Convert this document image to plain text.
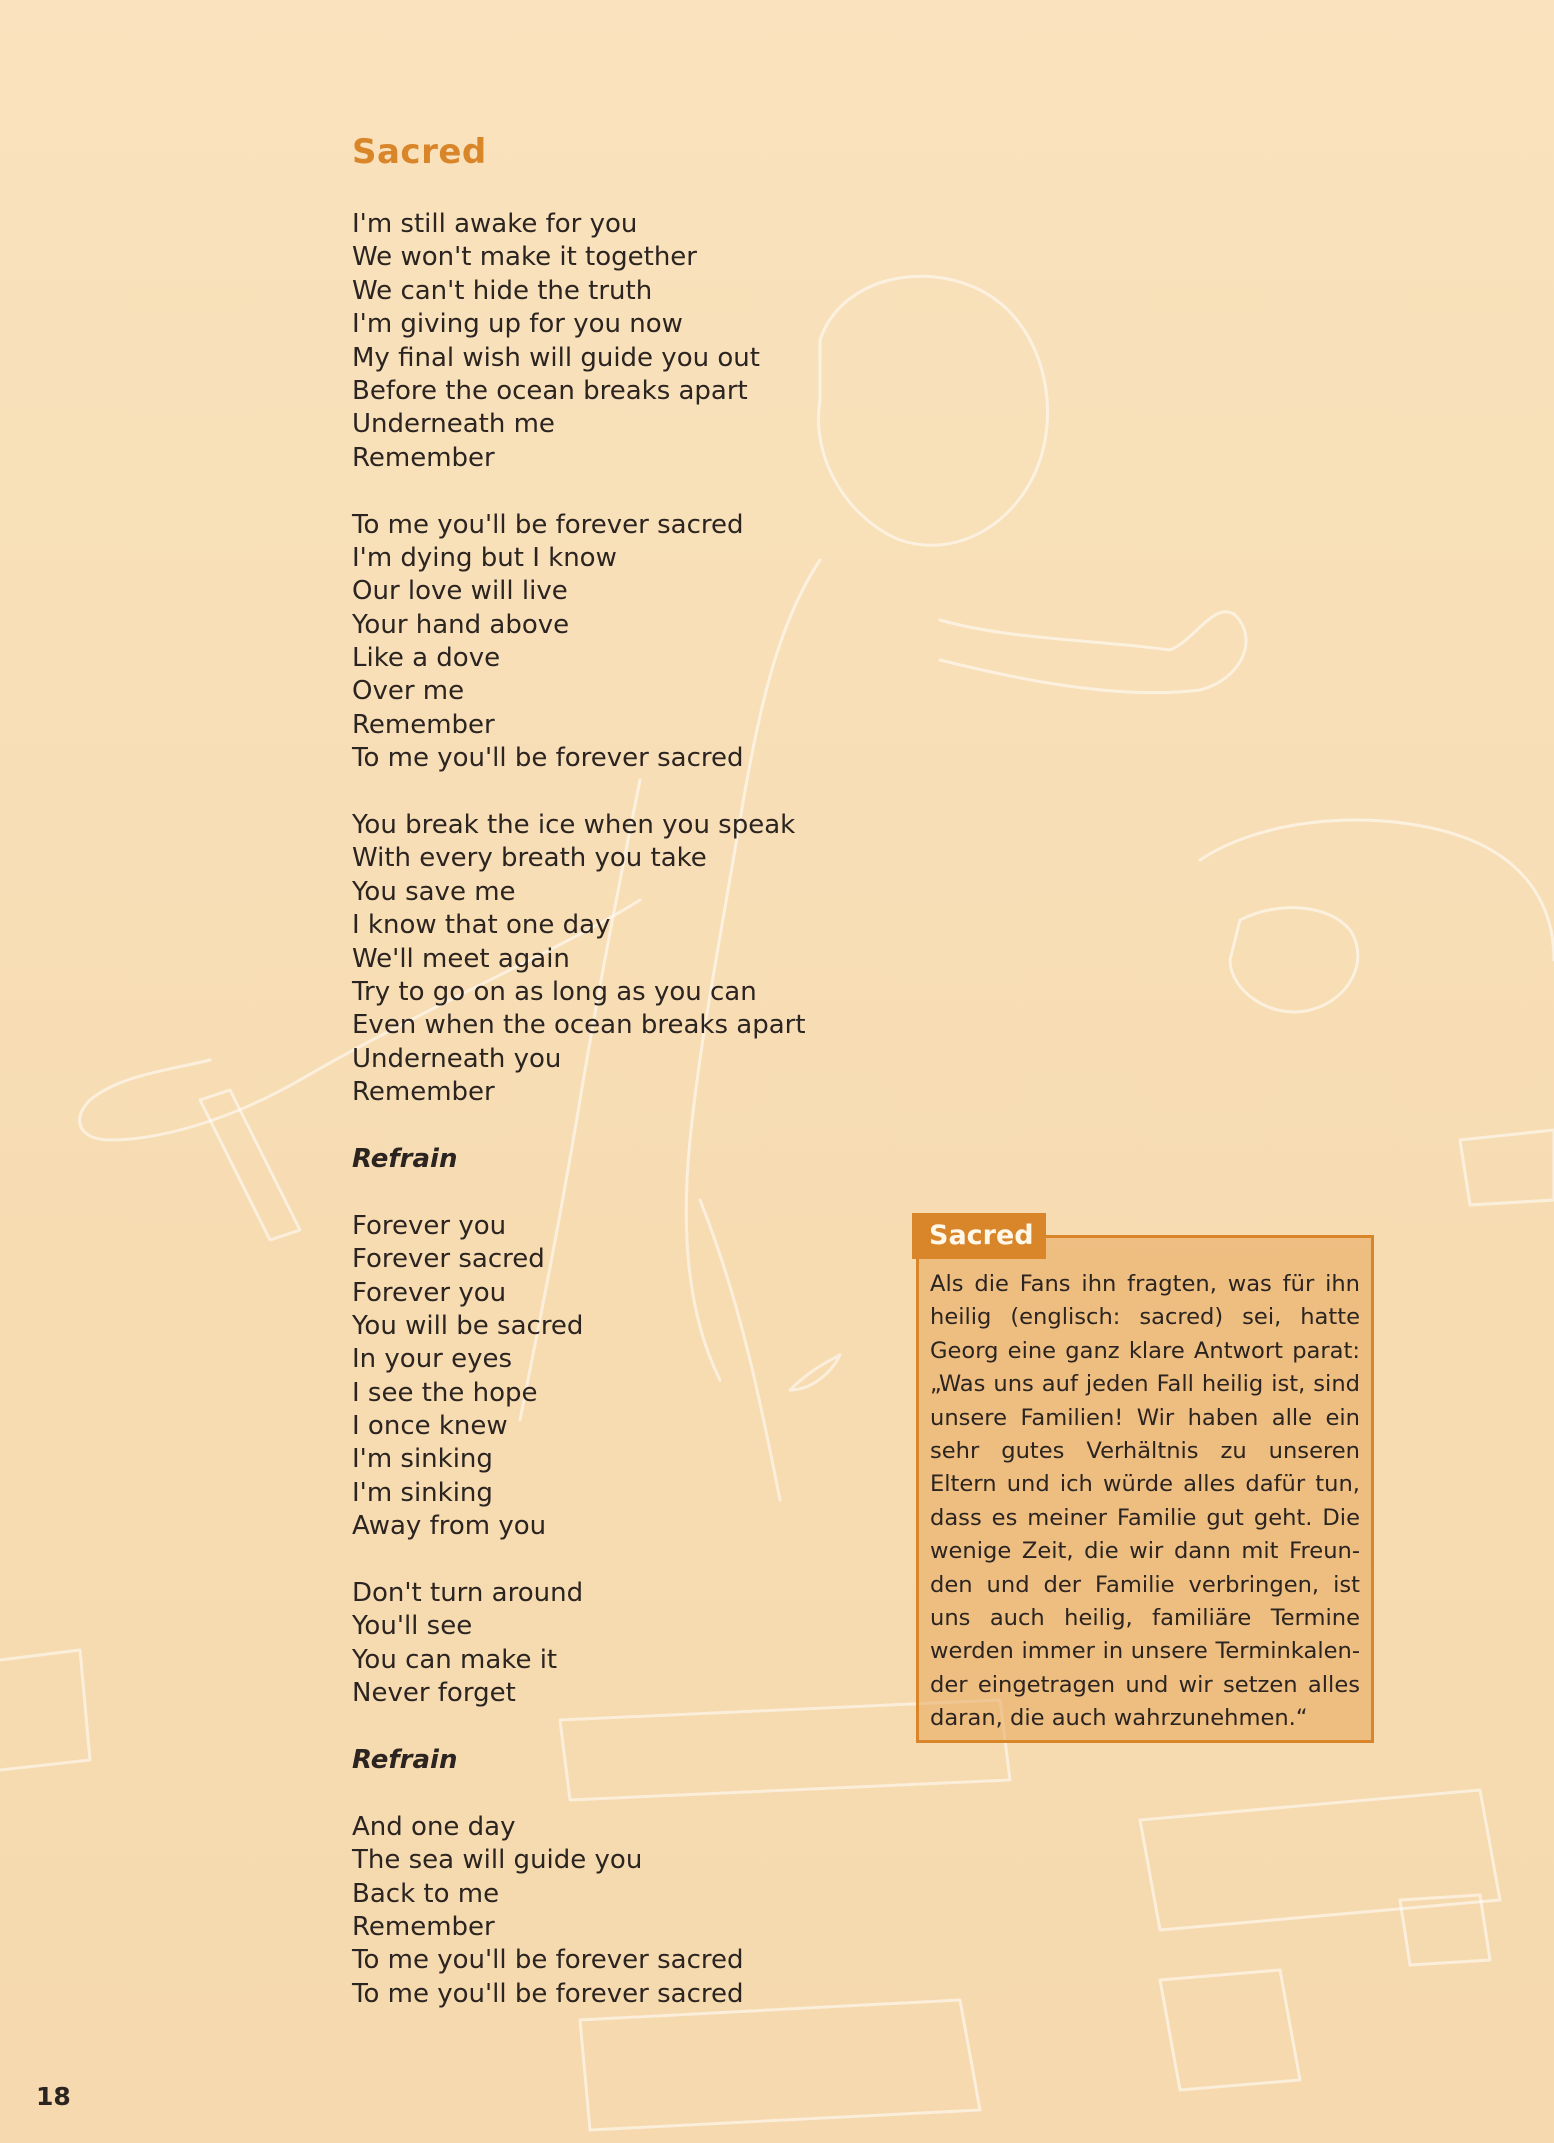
Sacred
I'm still awake for you
We won't make it together
We can't hide the truth
I'm giving up for you now
My final wish will guide you out
Before the ocean breaks apart
Underneath me
Remember
To me you'll be forever sacred
I'm dying but I know
Our love will live
Your hand above
Like a dove
Over me
Remember
To me you'll be forever sacred
You break the ice when you speak
With every breath you take
You save me
I know that one day
We'll meet again
Try to go on as long as you can
Even when the ocean breaks apart
Underneath you
Remember
Refrain
Forever you
Forever sacred
Forever you
You will be sacred
In your eyes
I see the hope
I once knew
I'm sinking
I'm sinking
Away from you
Don't turn around
You'll see
You can make it
Never forget
Refrain
And one day
The sea will guide you
Back to me
Remember
To me you'll be forever sacred
To me you'll be forever sacred
Sacred
Als die Fans ihn fragten, was für ihn heilig (englisch: sacred) sei, hatte Georg eine ganz klare Antwort parat: „Was uns auf jeden Fall heilig ist, sind unsere Familien! Wir haben alle ein sehr gutes Verhältnis zu unseren Eltern und ich würde alles dafür tun, dass es meiner Familie gut geht. Die wenige Zeit, die wir dann mit Freunden und der Familie verbringen, ist uns auch heilig, familiäre Termine werden immer in unsere Terminkalender eingetragen und wir setzen alles daran, die auch wahrzunehmen.“
18
